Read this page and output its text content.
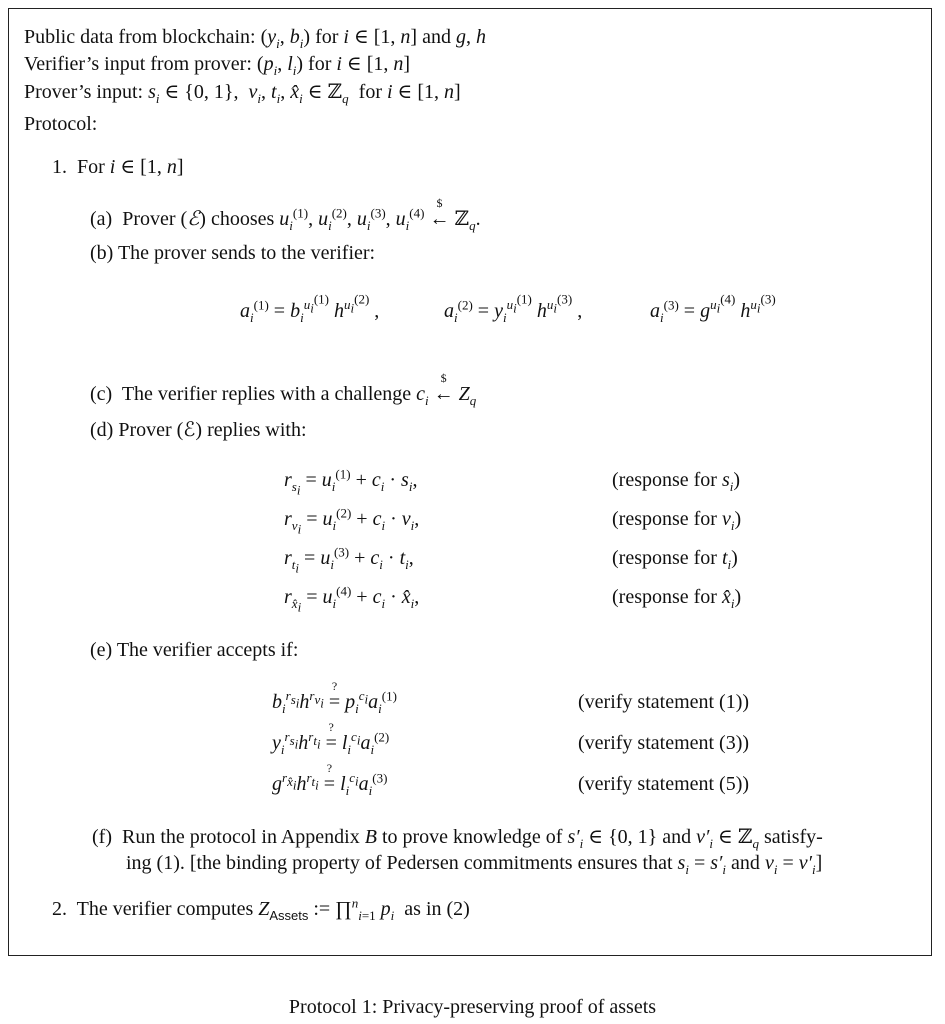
Public data from blockchain: ($y_i$, $b_i$) for i ∈ [1, n] and g, h
Verifier’s input from prover: ($p_i$, $l_i$) for i ∈ [1, n]
Prover’s input: $s_i$ ∈ {0, 1},  $v_i$, $t_i$, $x̂_i$ ∈ ℤ$_q$  for i ∈ [1, n]
Protocol:
1.  For i ∈ [1, n]
(a)  Prover (ℰ) chooses $u_i^{(1)}$, $u_i^{(2)}$, $u_i^{(3)}$, $u_i^{(4)}$
$
← ℤ$_q$.
(b) The prover sends to the verifier:
$a_i^{(1)} = b_i^{u_i^{(1)}}$ $h^{u_i^{(2)}}$ ,	$a_i^{(2)} = y_i^{u_i^{(1)}}$ $h^{u_i^{(3)}}$ ,	$a_i^{(3)} = g^{u_i^{(4)}}$ $h^{u_i^{(3)}}$
(c)  The verifier replies with a challenge $c_i$
$
← $Z_q$
(d) Prover (ℰ) replies with:
$r_{s_i} = u_i^{(1)} + c_i \cdot s_i$,	(response for $s_i$)
$r_{v_i} = u_i^{(2)} + c_i \cdot v_i$,	(response for $v_i$)
$r_{t_i} = u_i^{(3)} + c_i \cdot t_i$,	(response for $t_i$)
$r_{x̂_i} = u_i^{(4)} + c_i$ · $x̂_i$,	(response for $x̂_i$)
(e) The verifier accepts if:
$b_i^{r_{s_i}}h^{r_{v_i}}$
?
= $p_i^{c_i}a_i^{(1)}$	(verify statement (1))
$y_i^{r_{s_i}}h^{r_{t_i}}$
?
= $l_i^{c_i}a_i^{(2)}$	(verify statement (3))
$g^{r_{x̂_i}}h^{r_{t_i}}$
?
= $l_i^{c_i}a_i^{(3)}$	(verify statement (5))
(f)  Run the protocol in Appendix B to prove knowledge of $s'_i$ ∈ {0, 1} and $v'_i$ ∈ ℤ$_q$ satisfy-
ing (1). [the binding property of Pedersen commitments ensures that $s_i = s'_i$ and $v_i = v'_i$]
2.  The verifier computes $Z_{Assets}$ := ∏$^n_{i=1}$ $p_i$  as in (2)
Protocol 1: Privacy-preserving proof of assets
